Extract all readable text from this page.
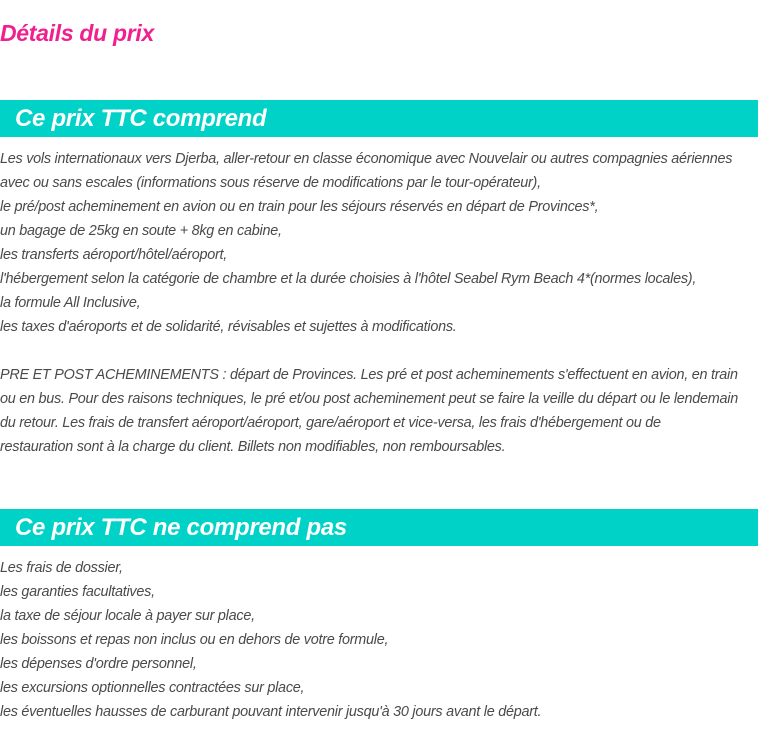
Détails du prix
Ce prix TTC comprend
Les vols internationaux vers Djerba, aller-retour en classe économique avec Nouvelair ou autres compagnies aériennes
avec ou sans escales (informations sous réserve de modifications par le tour-opérateur),
le pré/post acheminement en avion ou en train pour les séjours réservés en départ de Provinces*,
un bagage de 25kg en soute + 8kg en cabine,
les transferts aéroport/hôtel/aéroport,
l'hébergement selon la catégorie de chambre et la durée choisies à l'hôtel Seabel Rym Beach 4*(normes locales),
la formule All Inclusive,
les taxes d'aéroports et de solidarité, révisables et sujettes à modifications.
PRE ET POST ACHEMINEMENTS : départ de Provinces. Les pré et post acheminements s'effectuent en avion, en train
ou en bus. Pour des raisons techniques, le pré et/ou post acheminement peut se faire la veille du départ ou le lendemain
du retour. Les frais de transfert aéroport/aéroport, gare/aéroport et vice-versa, les frais d'hébergement ou de
restauration sont à la charge du client. Billets non modifiables, non remboursables.
Ce prix TTC ne comprend pas
Les frais de dossier,
les garanties facultatives,
la taxe de séjour locale à payer sur place,
les boissons et repas non inclus ou en dehors de votre formule,
les dépenses d'ordre personnel,
les excursions optionnelles contractées sur place,
les éventuelles hausses de carburant pouvant intervenir jusqu'à 30 jours avant le départ.
